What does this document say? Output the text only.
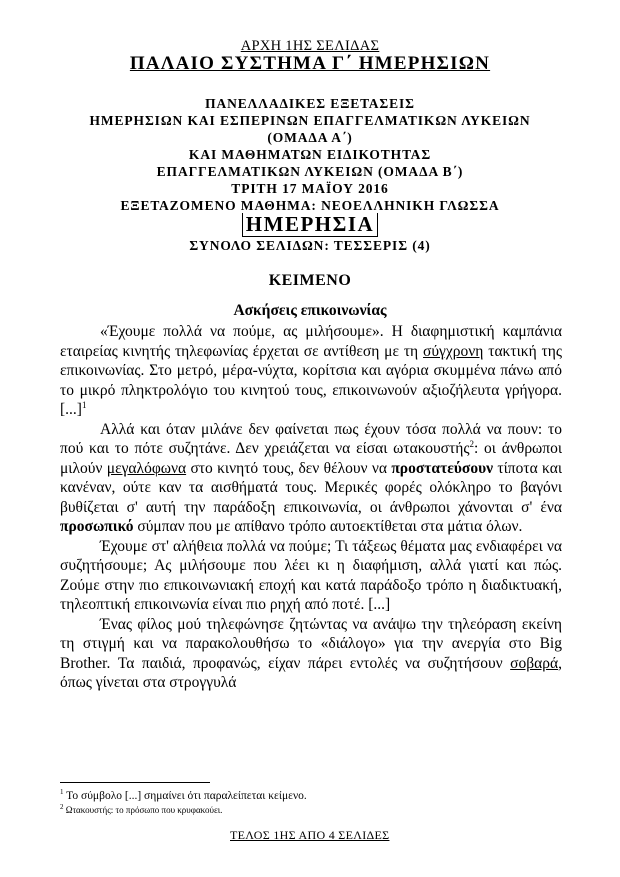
ΑΡΧΗ 1ΗΣ ΣΕΛΙΔΑΣ
ΠΑΛΑΙΟ ΣΥΣΤΗΜΑ Γ΄ ΗΜΕΡΗΣΙΩΝ
ΠΑΝΕΛΛΑΔΙΚΕΣ ΕΞΕΤΑΣΕΙΣ
ΗΜΕΡΗΣΙΩΝ ΚΑΙ ΕΣΠΕΡΙΝΩΝ ΕΠΑΓΓΕΛΜΑΤΙΚΩΝ ΛΥΚΕΙΩΝ
(ΟΜΑΔΑ Α΄)
ΚΑΙ ΜΑΘΗΜΑΤΩΝ ΕΙΔΙΚΟΤΗΤΑΣ
ΕΠΑΓΓΕΛΜΑΤΙΚΩΝ ΛΥΚΕΙΩΝ (ΟΜΑΔΑ Β΄)
ΤΡΙΤΗ 17 ΜΑΪΟΥ 2016
ΕΞΕΤΑΖΟΜΕΝΟ ΜΑΘΗΜΑ: ΝΕΟΕΛΛΗΝΙΚΗ ΓΛΩΣΣΑ
ΗΜΕΡΗΣΙΑ
ΣΥΝΟΛΟ ΣΕΛΙΔΩΝ: ΤΕΣΣΕΡΙΣ (4)
ΚΕΙΜΕΝΟ
Ασκήσεις επικοινωνίας

«Έχουμε πολλά να πούμε, ας μιλήσουμε». Η διαφημιστική καμπάνια εταιρείας κινητής τηλεφωνίας έρχεται σε αντίθεση με τη σύγχρονη τακτική της επικοινωνίας. Στο μετρό, μέρα-νύχτα, κορίτσια και αγόρια σκυμμένα πάνω από το μικρό πληκτρολόγιο του κινητού τους, επικοινωνούν αξιοζήλευτα γρήγορα. [...]$^1$

Αλλά και όταν μιλάνε δεν φαίνεται πως έχουν τόσα πολλά να πουν: το πού και το πότε συζητάνε. Δεν χρειάζεται να είσαι ωτακουστής$^2$: οι άνθρωποι μιλούν μεγαλόφωνα στο κινητό τους, δεν θέλουν να προστατεύσουν τίποτα και κανέναν, ούτε καν τα αισθήματά τους. Μερικές φορές ολόκληρο το βαγόνι βυθίζεται σ' αυτή την παράδοξη επικοινωνία, οι άνθρωποι χάνονται σ' ένα προσωπικό σύμπαν που με απίθανο τρόπο αυτοεκτίθεται στα μάτια όλων.

Έχουμε στ' αλήθεια πολλά να πούμε; Τι τάξεως θέματα μας ενδιαφέρει να συζητήσουμε; Ας μιλήσουμε που λέει κι η διαφήμιση, αλλά γιατί και πώς. Ζούμε στην πιο επικοινωνιακή εποχή και κατά παράδοξο τρόπο η διαδικτυακή, τηλεοπτική επικοινωνία είναι πιο ρηχή από ποτέ. [...]

Ένας φίλος μού τηλεφώνησε ζητώντας να ανάψω την τηλεόραση εκείνη τη στιγμή και να παρακολουθήσω το «διάλογο» για την ανεργία στο Big Brother. Τα παιδιά, προφανώς, είχαν πάρει εντολές να συζητήσουν σοβαρά, όπως γίνεται στα στρογγυλά

$^1$ Το σύμβολο [...] σημαίνει ότι παραλείπεται κείμενο.
$^2$ Ωτακουστής: το πρόσωπο που κρυφακούει.
ΤΕΛΟΣ 1ΗΣ ΑΠΟ 4 ΣΕΛΙΔΕΣ
